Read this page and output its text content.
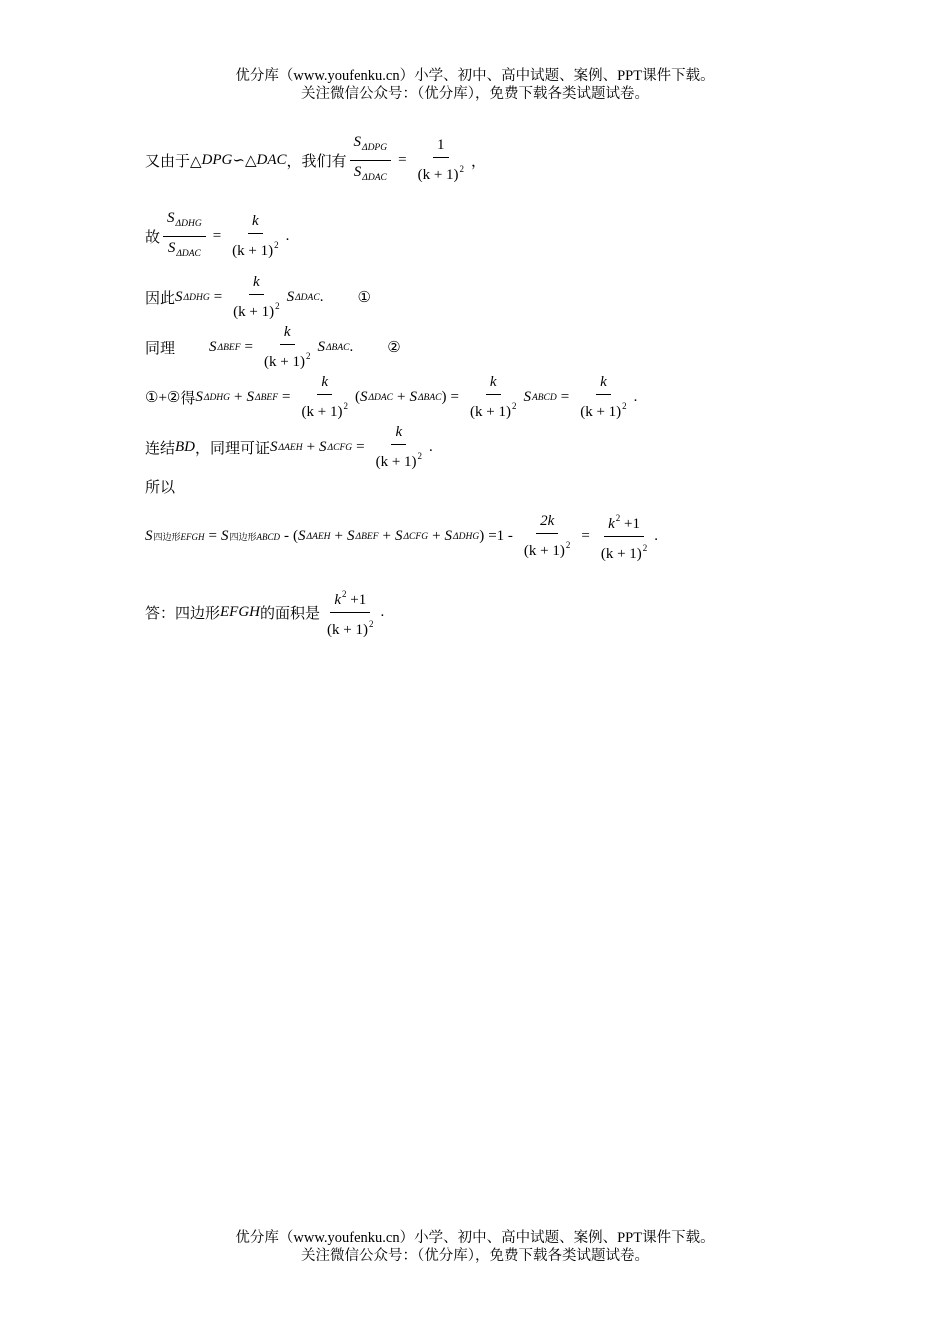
优分库（www.youfenku.cn）小学、初中、高中试题、案例、PPT课件下载。
关注微信公众号：（优分库），免费下载各类试题试卷。
又由于△ DPG ∽△ DAC ，我们有 $\frac{S_{\Delta DPG}}{S_{\Delta DAC}} = \frac{1}{(k + 1)^2}$ ，
故 $\frac{S_{\Delta DHG}}{S_{\Delta DAC}} = \frac{k}{(k + 1)^2}$ .
因此 S $\Delta DHG = \frac{k}{(k + 1)^2}$ S ΔDAC . ①
同理 S $\Delta BEF = \frac{k}{(k + 1)^2}$ S ΔBAC . ②
①+② 得 S ΔDHG + S $\Delta BEF = \frac{k}{(k + 1)^2}$ ( S ΔDAC + S ΔBAC ) = $\frac{k}{(k + 1)^2}$ S ABCD = $\frac{k}{(k + 1)^2}$ .
连结 BD ，同理可证 S ΔAEH + S $\Delta CFG = \frac{k}{(k + 1)^2}$ .
所以
S 四边形EFGH = S 四边形ABCD - ( S ΔAEH + S ΔBEF + S ΔCFG + S ΔDHG ) $=1 - \frac{2k}{(k + 1)^2} = \frac{k^2 +1}{(k + 1)^2}$ .
答：四边形 EFGH 的面积是 $\frac{k^2 +1}{(k + 1)^2}$ .
优分库（www.youfenku.cn）小学、初中、高中试题、案例、PPT课件下载。
关注微信公众号：（优分库），免费下载各类试题试卷。
